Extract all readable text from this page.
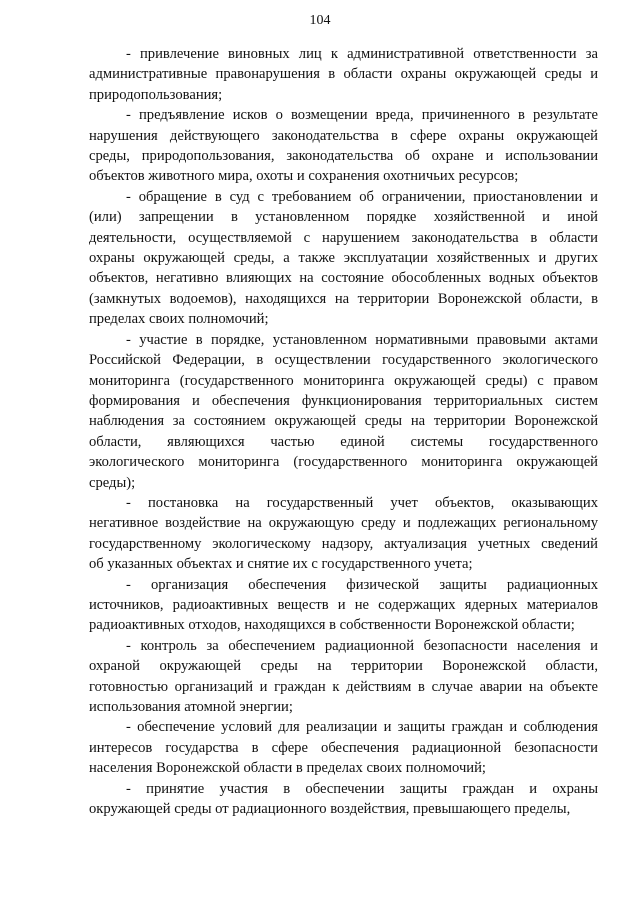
104

- привлечение виновных лиц к административной ответственности за
административные правонарушения в области охраны окружающей среды и
природопользования;

- предъявление исков о возмещении вреда, причиненного в результате
нарушения действующего законодательства в сфере охраны окружающей
среды, природопользования, законодательства об охране и использовании
объектов животного мира, охоты и сохранения охотничьих ресурсов;

- обращение в суд с требованием об ограничении, приостановлении и
(или) запрещении в установленном порядке хозяйственной и иной
деятельности, осуществляемой с нарушением законодательства в области
охраны окружающей среды, а также эксплуатации хозяйственных и других
объектов, негативно влияющих на состояние обособленных водных объектов
(замкнутых водоемов), находящихся на территории Воронежской области, в
пределах своих полномочий;

- участие в порядке, установленном нормативными правовыми актами
Российской Федерации, в осуществлении государственного экологического
мониторинга (государственного мониторинга окружающей среды) с правом
формирования и обеспечения функционирования территориальных систем
наблюдения за состоянием окружающей среды на территории Воронежской
области, являющихся частью единой системы государственного
экологического мониторинга (государственного мониторинга окружающей
среды);

- постановка на государственный учет объектов, оказывающих
негативное воздействие на окружающую среду и подлежащих региональному
государственному экологическому надзору, актуализация учетных сведений
об указанных объектах и снятие их с государственного учета;

- организация обеспечения физической защиты радиационных
источников, радиоактивных веществ и не содержащих ядерных материалов
радиоактивных отходов, находящихся в собственности Воронежской области;

- контроль за обеспечением радиационной безопасности населения и
охраной окружающей среды на территории Воронежской области,
готовностью организаций и граждан к действиям в случае аварии на объекте
использования атомной энергии;

- обеспечение условий для реализации и защиты граждан и соблюдения
интересов государства в сфере обеспечения радиационной безопасности
населения Воронежской области в пределах своих полномочий;

- принятие участия в обеспечении защиты граждан и охраны
окружающей среды от радиационного воздействия, превышающего пределы,
